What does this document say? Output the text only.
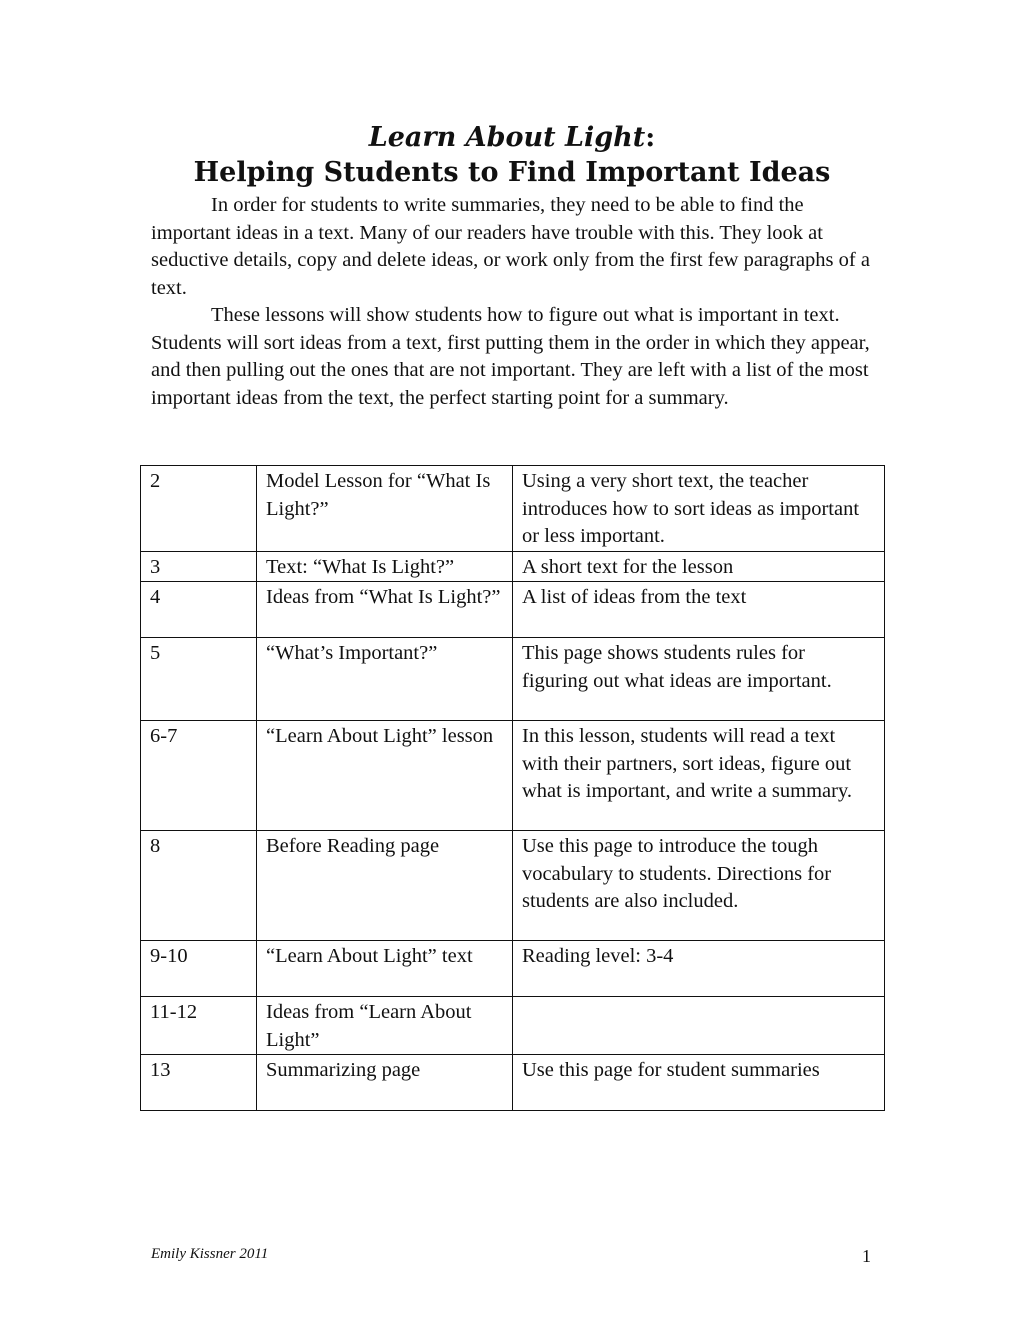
Learn About Light:
Helping Students to Find Important Ideas

In order for students to write summaries, they need to be able to find the important ideas in a text. Many of our readers have trouble with this. They look at seductive details, copy and delete ideas, or work only from the first few paragraphs of a text.

These lessons will show students how to figure out what is important in text. Students will sort ideas from a text, first putting them in the order in which they appear, and then pulling out the ones that are not important. They are left with a list of the most important ideas from the text, the perfect starting point for a summary.

2	Model Lesson for “What Is Light?”	Using a very short text, the teacher introduces how to sort ideas as important or less important.
3	Text: “What Is Light?”	A short text for the lesson
4	Ideas from “What Is Light?”	A list of ideas from the text
5	“What’s Important?”	This page shows students rules for figuring out what ideas are important.
6-7	“Learn About Light” lesson	In this lesson, students will read a text with their partners, sort ideas, figure out what is important, and write a summary.
8	Before Reading page	Use this page to introduce the tough vocabulary to students. Directions for students are also included.
9-10	“Learn About Light” text	Reading level: 3-4
11-12	Ideas from “Learn About Light”	
13	Summarizing page	Use this page for student summaries
Emily Kissner 2011	1
